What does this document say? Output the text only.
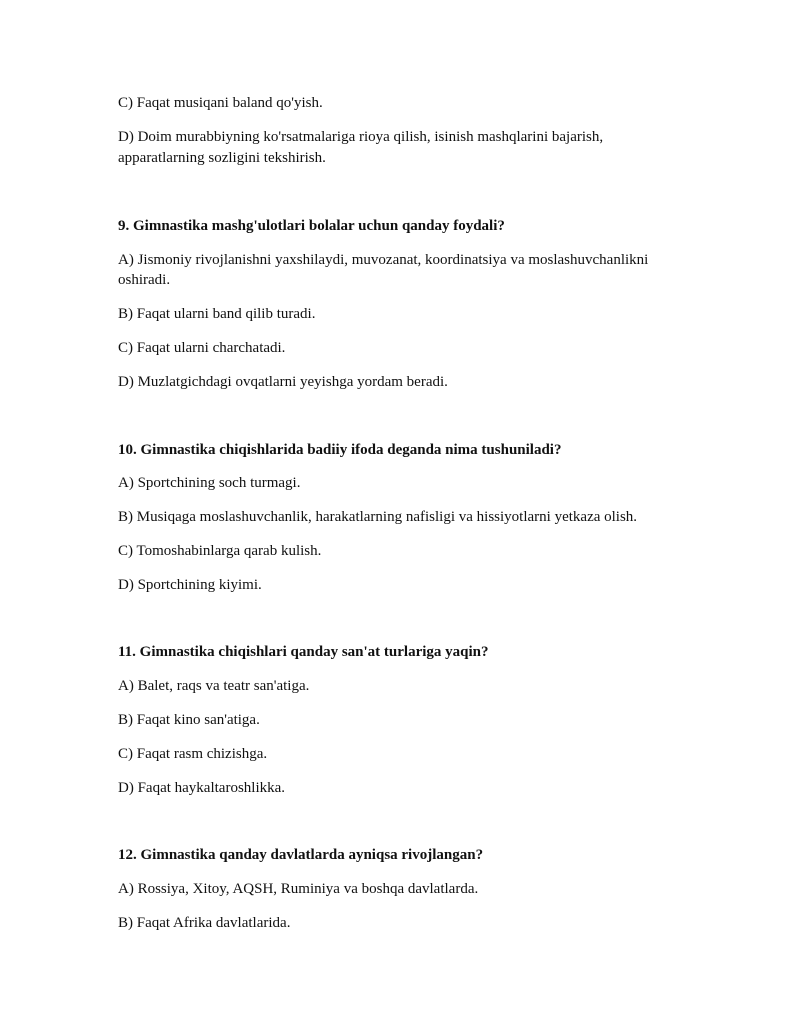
C) Faqat musiqani baland qo'yish.

D) Doim murabbiyning ko'rsatmalariga rioya qilish, isinish mashqlarini bajarish,

apparatlarning sozligini tekshirish.

9. Gimnastika mashg'ulotlari bolalar uchun qanday foydali?

A) Jismoniy rivojlanishni yaxshilaydi, muvozanat, koordinatsiya va moslashuvchanlikni

oshiradi.

B) Faqat ularni band qilib turadi.

C) Faqat ularni charchatadi.

D) Muzlatgichdagi ovqatlarni yeyishga yordam beradi.

10. Gimnastika chiqishlarida badiiy ifoda deganda nima tushuniladi?

A) Sportchining soch turmagi.

B) Musiqaga moslashuvchanlik, harakatlarning nafisligi va hissiyotlarni yetkaza olish.

C) Tomoshabinlarga qarab kulish.

D) Sportchining kiyimi.

11. Gimnastika chiqishlari qanday san'at turlariga yaqin?

A) Balet, raqs va teatr san'atiga.

B) Faqat kino san'atiga.

C) Faqat rasm chizishga.

D) Faqat haykaltaroshlikka.

12. Gimnastika qanday davlatlarda ayniqsa rivojlangan?

A) Rossiya, Xitoy, AQSH, Ruminiya va boshqa davlatlarda.

B) Faqat Afrika davlatlarida.
